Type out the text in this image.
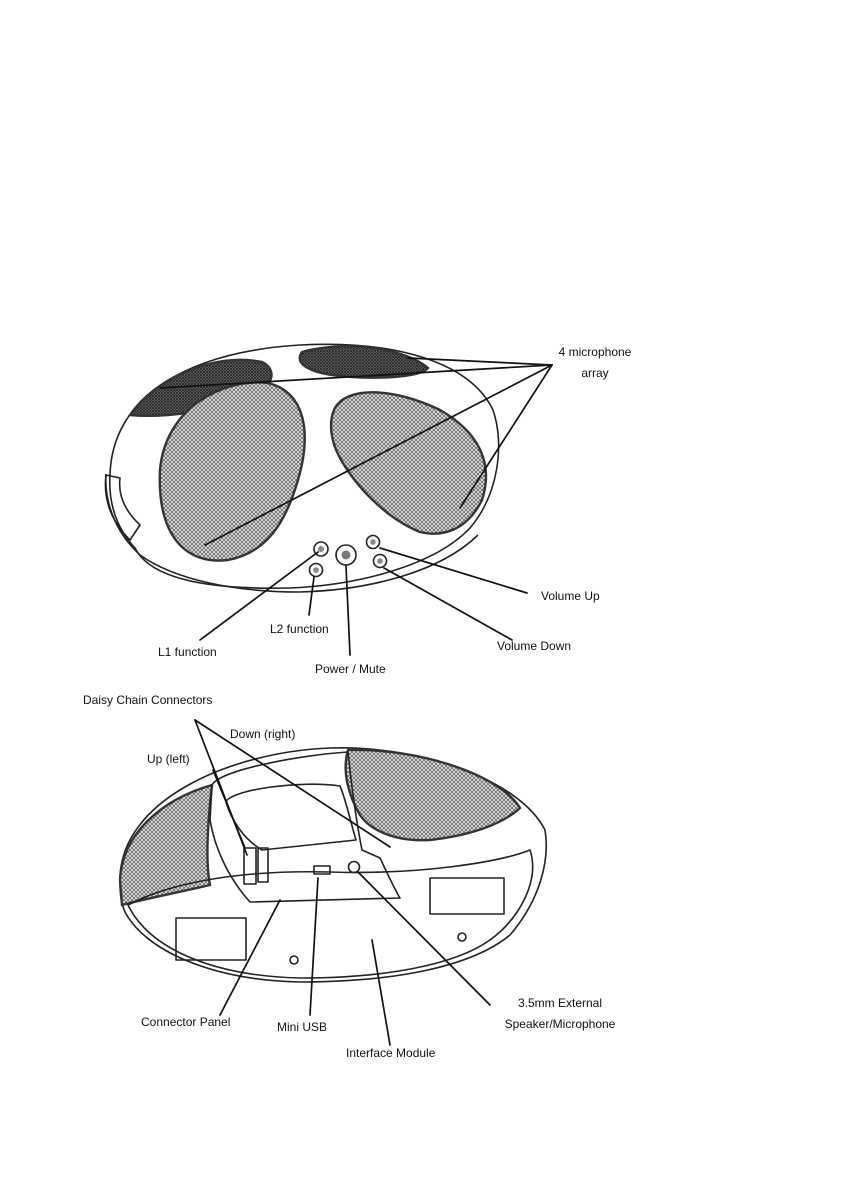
4 microphone
array
Volume Up
Volume Down
L2 function
L1 function
Power / Mute
Daisy Chain Connectors
Down (right)
Up (left)
Connector Panel	Mini USB
Interface Module
3.5mm External
Speaker/Microphone
